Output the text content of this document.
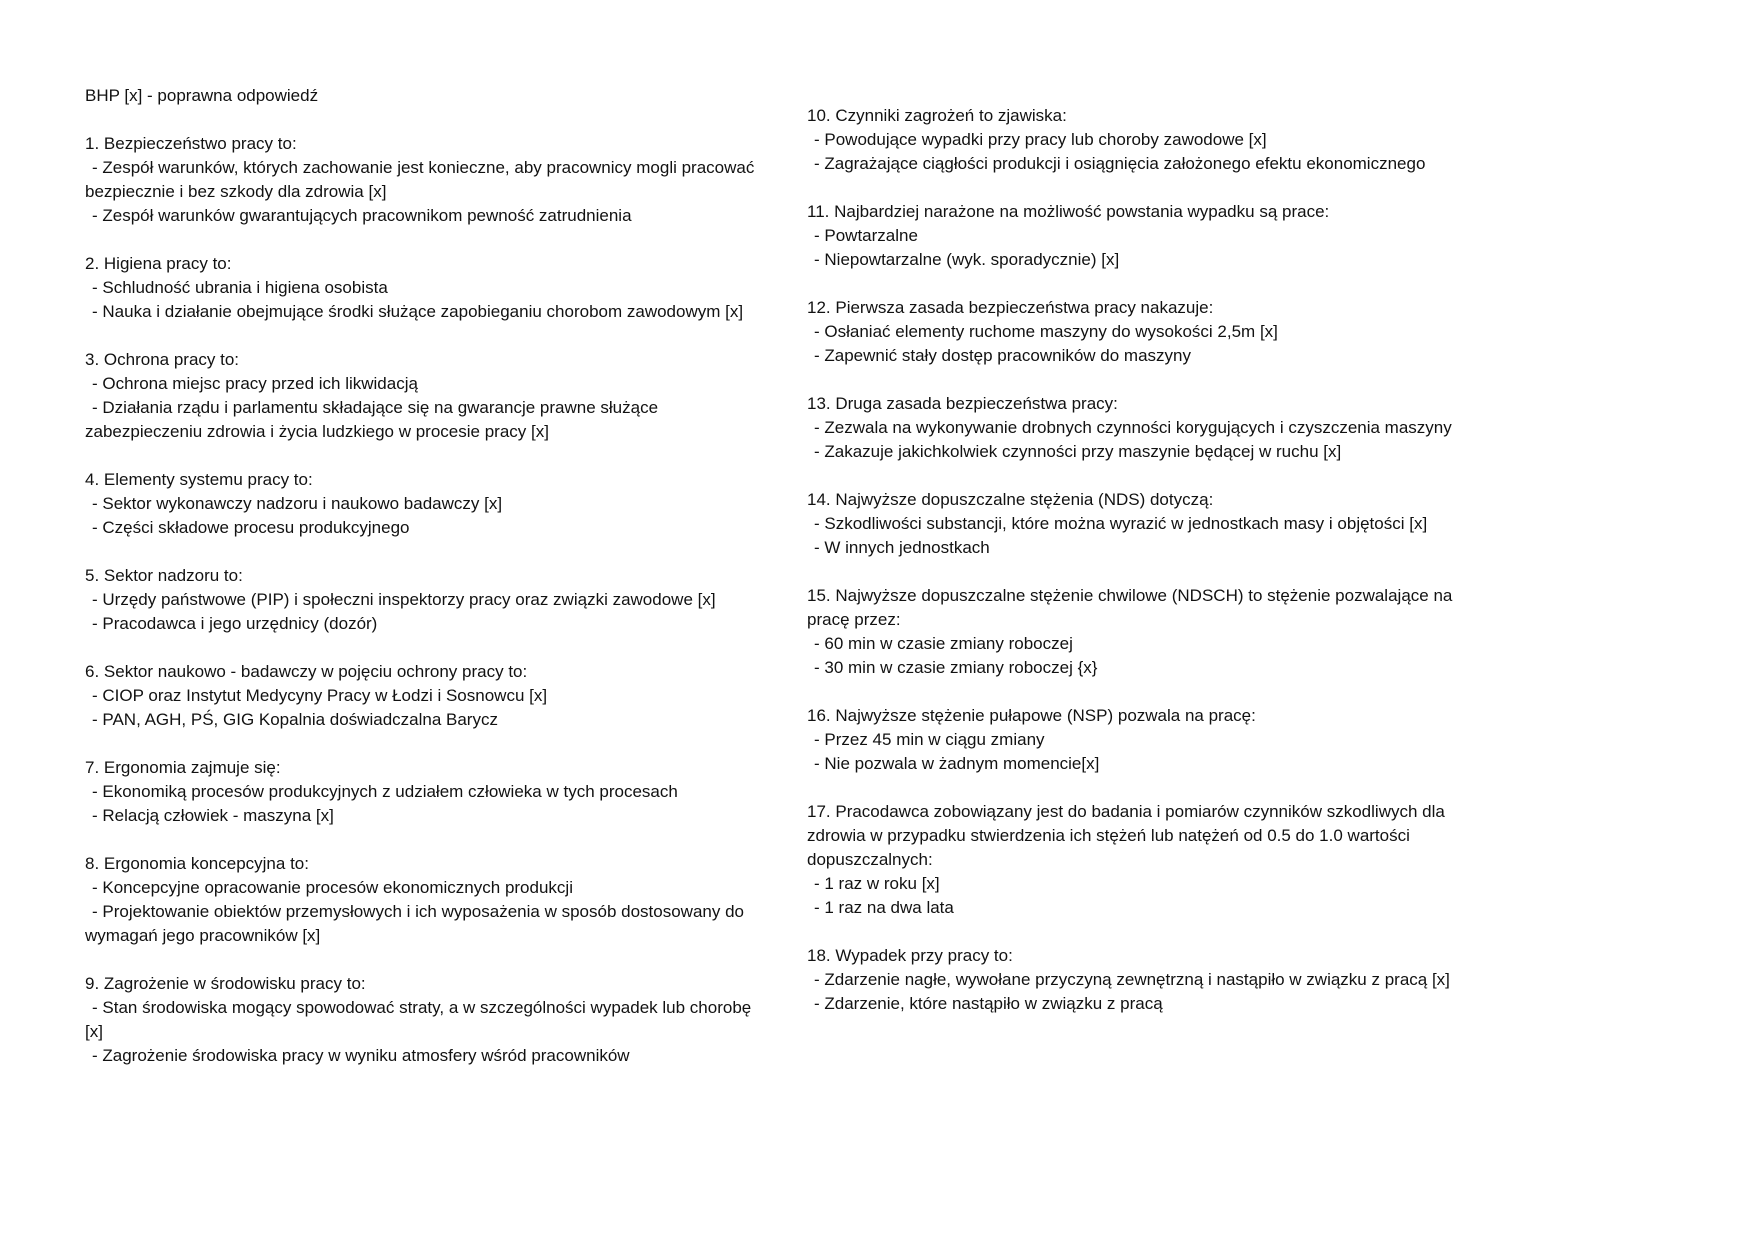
BHP [x] - poprawna odpowiedź

1. Bezpieczeństwo pracy to:

- Zespół warunków, których zachowanie jest konieczne, aby pracownicy mogli pracować bezpiecznie i bez szkody dla zdrowia [x]

- Zespół warunków gwarantujących pracownikom pewność zatrudnienia

2. Higiena pracy to:

- Schludność ubrania i higiena osobista

- Nauka i działanie obejmujące środki służące zapobieganiu chorobom zawodowym [x]

3. Ochrona pracy to:

- Ochrona miejsc pracy przed ich likwidacją

- Działania rządu i parlamentu składające się na gwarancje prawne służące zabezpieczeniu zdrowia i życia ludzkiego w procesie pracy [x]

4. Elementy systemu pracy to:

- Sektor wykonawczy nadzoru i naukowo badawczy [x]

- Części składowe procesu produkcyjnego

5. Sektor nadzoru to:

- Urzędy państwowe (PIP) i społeczni inspektorzy pracy oraz związki zawodowe [x]

- Pracodawca i jego urzędnicy (dozór)

6. Sektor naukowo - badawczy w pojęciu ochrony pracy to:

- CIOP oraz Instytut Medycyny Pracy w Łodzi i Sosnowcu [x]

- PAN, AGH, PŚ, GIG Kopalnia doświadczalna Barycz

7. Ergonomia zajmuje się:

- Ekonomiką procesów produkcyjnych z udziałem człowieka w tych procesach

- Relacją człowiek - maszyna [x]

8. Ergonomia koncepcyjna to:

- Koncepcyjne opracowanie procesów ekonomicznych produkcji

- Projektowanie obiektów przemysłowych i ich wyposażenia w sposób dostosowany do wymagań jego pracowników [x]

9. Zagrożenie w środowisku pracy to:

- Stan środowiska mogący spowodować straty, a w szczególności wypadek lub chorobę [x]

- Zagrożenie środowiska pracy w wyniku atmosfery wśród pracowników

10. Czynniki zagrożeń to zjawiska:

- Powodujące wypadki przy pracy lub choroby zawodowe [x]

- Zagrażające ciągłości produkcji i osiągnięcia założonego efektu ekonomicznego

11. Najbardziej narażone na możliwość powstania wypadku są prace:

- Powtarzalne

- Niepowtarzalne (wyk. sporadycznie) [x]

12. Pierwsza zasada bezpieczeństwa pracy nakazuje:

- Osłaniać elementy ruchome maszyny do wysokości 2,5m [x]

- Zapewnić stały dostęp pracowników do maszyny

13. Druga zasada bezpieczeństwa pracy:

- Zezwala na wykonywanie drobnych czynności korygujących i czyszczenia maszyny

- Zakazuje jakichkolwiek czynności przy maszynie będącej w ruchu [x]

14. Najwyższe dopuszczalne stężenia (NDS) dotyczą:

- Szkodliwości substancji, które można wyrazić w jednostkach masy i objętości [x]

- W innych jednostkach

15. Najwyższe dopuszczalne stężenie chwilowe (NDSCH) to stężenie pozwalające na pracę przez:

- 60 min w czasie zmiany roboczej

- 30 min w czasie zmiany roboczej {x}

16. Najwyższe stężenie pułapowe (NSP) pozwala na pracę:

- Przez 45 min w ciągu zmiany

- Nie pozwala w żadnym momencie[x]

17. Pracodawca zobowiązany jest do badania i pomiarów czynników szkodliwych dla zdrowia w przypadku stwierdzenia ich stężeń lub natężeń od 0.5 do 1.0 wartości dopuszczalnych:

- 1 raz w roku [x]

- 1 raz na dwa lata

18. Wypadek przy pracy to:

- Zdarzenie nagłe, wywołane przyczyną zewnętrzną i nastąpiło w związku z pracą [x]

- Zdarzenie, które nastąpiło w związku z pracą
